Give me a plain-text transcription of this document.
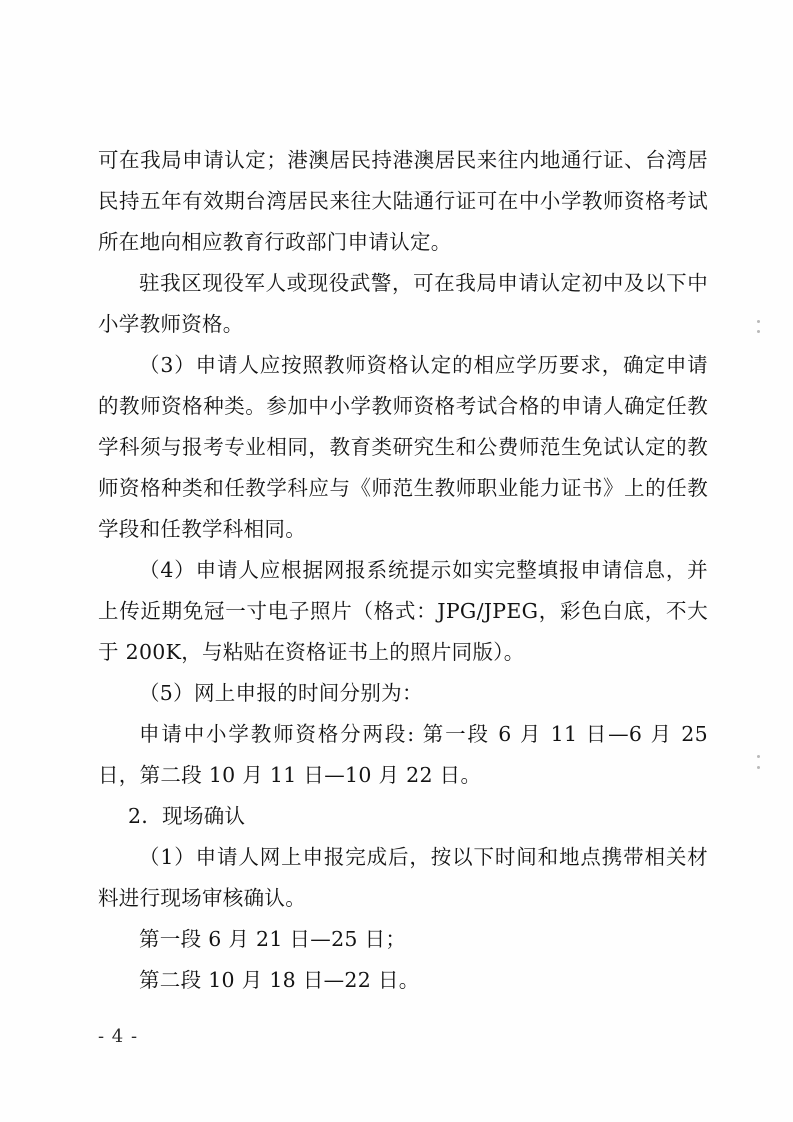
可在我局申请认定；港澳居民持港澳居民来往内地通行证、台湾居民持五年有效期台湾居民来往大陆通行证可在中小学教师资格考试所在地向相应教育行政部门申请认定。

驻我区现役军人或现役武警，可在我局申请认定初中及以下中小学教师资格。

（3）申请人应按照教师资格认定的相应学历要求，确定申请的教师资格种类。参加中小学教师资格考试合格的申请人确定任教学科须与报考专业相同，教育类研究生和公费师范生免试认定的教师资格种类和任教学科应与《师范生教师职业能力证书》上的任教学段和任教学科相同。

（4）申请人应根据网报系统提示如实完整填报申请信息，并上传近期免冠一寸电子照片（格式：JPG/JPEG，彩色白底，不大于 200K，与粘贴在资格证书上的照片同版）。

（5）网上申报的时间分别为：

申请中小学教师资格分两段: 第一段 6 月 11 日—6 月 25 日，第二段 10 月 11 日—10 月 22 日。

2．现场确认

（1）申请人网上申报完成后，按以下时间和地点携带相关材料进行现场审核确认。

第一段 6 月 21 日—25 日；

第二段 10 月 18 日—22 日。

- 4 -
